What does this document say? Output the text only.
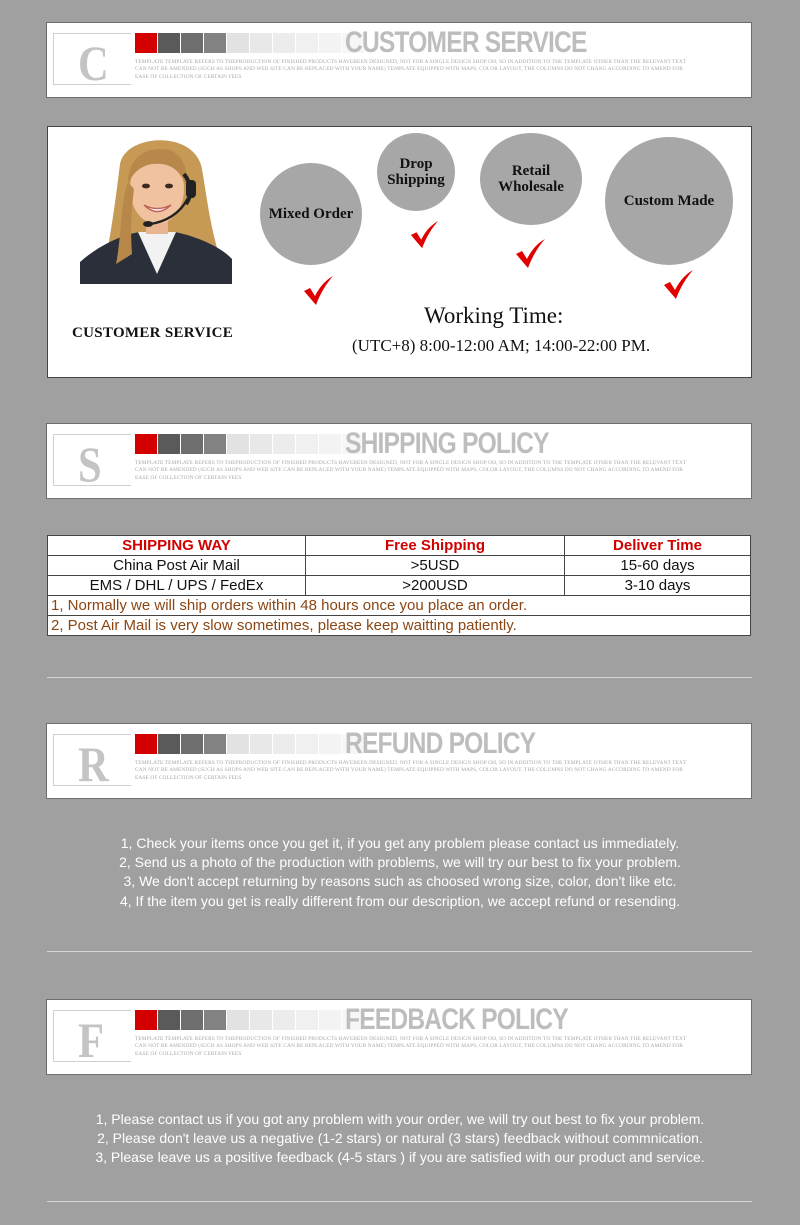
C	CUSTOMER SERVICE
TEMPLATE TEMPLATE REFERS TO THEPRODUCTION OF FINISHED PRODUCTS HAVEBEEN DESIGNED, NOT FOR A SINGLE DESIGN SHOP OH, SO IN ADDITION TO THE TEMPLATE OTHER THAN THE RELEVANT TEXT CAN NOT BE AMENDED (SUCH AS SHOPS AND WEB SITE CAN BE REPLACED WITH YOUR NAME) TEMPLATE EQUIPPED WITH MAPS, COLOR LAYOUT, THE COLUMNS DO NOT CHANG ACCORDING TO AMEND FOR EASE OF COLLECTION OF CERTAIN FEES
Mixed Order
Drop Shipping
Retail Wholesale
Custom Made
CUSTOMER SERVICE
Working Time:
(UTC+8) 8:00-12:00 AM; 14:00-22:00 PM.
S	SHIPPING POLICY
TEMPLATE TEMPLATE REFERS TO THEPRODUCTION OF FINISHED PRODUCTS HAVEBEEN DESIGNED, NOT FOR A SINGLE DESIGN SHOP OH, SO IN ADDITION TO THE TEMPLATE OTHER THAN THE RELEVANT TEXT CAN NOT BE AMENDED (SUCH AS SHOPS AND WEB SITE CAN BE REPLACED WITH YOUR NAME) TEMPLATE EQUIPPED WITH MAPS, COLOR LAYOUT, THE COLUMNS DO NOT CHANG ACCORDING TO AMEND FOR EASE OF COLLECTION OF CERTAIN FEES
SHIPPING WAY	Free Shipping	Deliver Time
China Post Air Mail	>5USD	15-60 days
EMS / DHL / UPS / FedEx	>200USD	3-10 days
1, Normally we will ship orders within 48 hours once you place an order.		
2, Post Air Mail is very slow sometimes, please keep waitting patiently.		
R	REFUND POLICY
TEMPLATE TEMPLATE REFERS TO THEPRODUCTION OF FINISHED PRODUCTS HAVEBEEN DESIGNED, NOT FOR A SINGLE DESIGN SHOP OH, SO IN ADDITION TO THE TEMPLATE OTHER THAN THE RELEVANT TEXT CAN NOT BE AMENDED (SUCH AS SHOPS AND WEB SITE CAN BE REPLACED WITH YOUR NAME) TEMPLATE EQUIPPED WITH MAPS, COLOR LAYOUT, THE COLUMNS DO NOT CHANG ACCORDING TO AMEND FOR EASE OF COLLECTION OF CERTAIN FEES
1, Check your items once you get it, if you get any problem please contact us immediately.
2, Send us a photo of the production with problems, we will try our best to fix your problem.
3, We don't accept returning by reasons such as choosed wrong size, color, don't like etc.
4, If the item you get is really different from our description, we accept refund or resending.
F	FEEDBACK POLICY
TEMPLATE TEMPLATE REFERS TO THEPRODUCTION OF FINISHED PRODUCTS HAVEBEEN DESIGNED, NOT FOR A SINGLE DESIGN SHOP OH, SO IN ADDITION TO THE TEMPLATE OTHER THAN THE RELEVANT TEXT CAN NOT BE AMENDED (SUCH AS SHOPS AND WEB SITE CAN BE REPLACED WITH YOUR NAME) TEMPLATE EQUIPPED WITH MAPS, COLOR LAYOUT, THE COLUMNS DO NOT CHANG ACCORDING TO AMEND FOR EASE OF COLLECTION OF CERTAIN FEES
1, Please contact us if you got any problem with your order, we will try out best to fix your problem.
2, Please don't leave us a negative (1-2 stars) or natural (3 stars) feedback without commnication.
3, Please leave us a positive feedback (4-5 stars ) if you are satisfied with our product and service.
